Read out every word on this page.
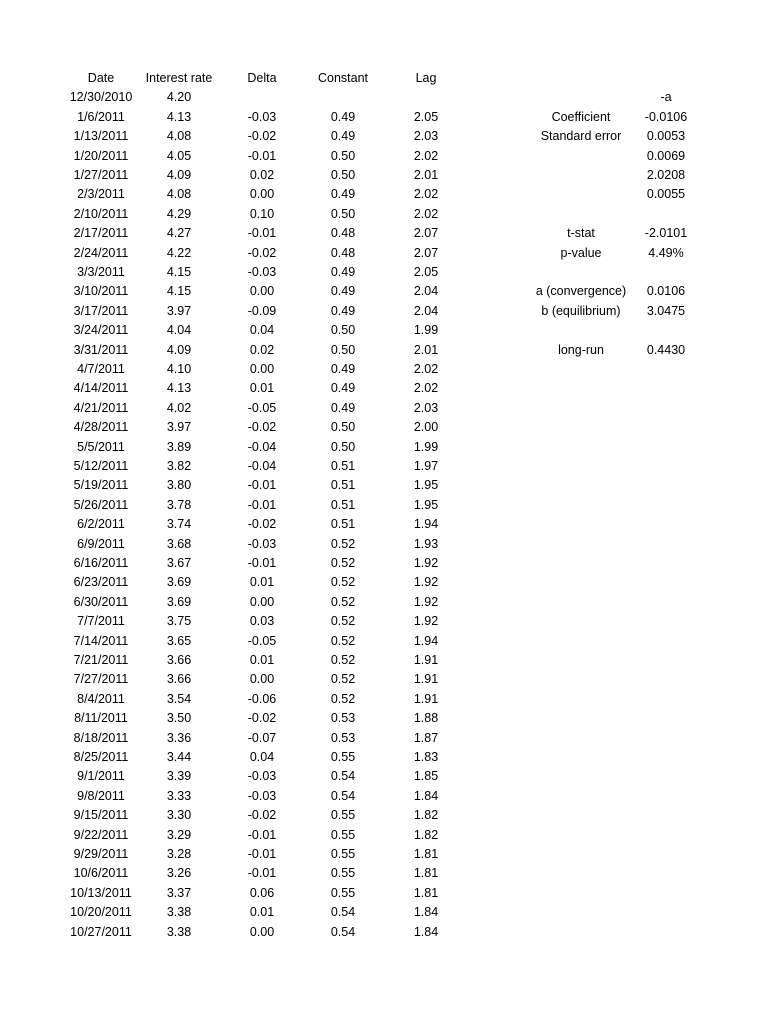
Date	Interest rate	Delta	Constant	Lag
12/30/2010	4.20
1/6/2011	4.13	-0.03	0.49	2.05
1/13/2011	4.08	-0.02	0.49	2.03
1/20/2011	4.05	-0.01	0.50	2.02
1/27/2011	4.09	0.02	0.50	2.01
2/3/2011	4.08	0.00	0.49	2.02
2/10/2011	4.29	0.10	0.50	2.02
2/17/2011	4.27	-0.01	0.48	2.07
2/24/2011	4.22	-0.02	0.48	2.07
3/3/2011	4.15	-0.03	0.49	2.05
3/10/2011	4.15	0.00	0.49	2.04
3/17/2011	3.97	-0.09	0.49	2.04
3/24/2011	4.04	0.04	0.50	1.99
3/31/2011	4.09	0.02	0.50	2.01
4/7/2011	4.10	0.00	0.49	2.02
4/14/2011	4.13	0.01	0.49	2.02
4/21/2011	4.02	-0.05	0.49	2.03
4/28/2011	3.97	-0.02	0.50	2.00
5/5/2011	3.89	-0.04	0.50	1.99
5/12/2011	3.82	-0.04	0.51	1.97
5/19/2011	3.80	-0.01	0.51	1.95
5/26/2011	3.78	-0.01	0.51	1.95
6/2/2011	3.74	-0.02	0.51	1.94
6/9/2011	3.68	-0.03	0.52	1.93
6/16/2011	3.67	-0.01	0.52	1.92
6/23/2011	3.69	0.01	0.52	1.92
6/30/2011	3.69	0.00	0.52	1.92
7/7/2011	3.75	0.03	0.52	1.92
7/14/2011	3.65	-0.05	0.52	1.94
7/21/2011	3.66	0.01	0.52	1.91
7/27/2011	3.66	0.00	0.52	1.91
8/4/2011	3.54	-0.06	0.52	1.91
8/11/2011	3.50	-0.02	0.53	1.88
8/18/2011	3.36	-0.07	0.53	1.87
8/25/2011	3.44	0.04	0.55	1.83
9/1/2011	3.39	-0.03	0.54	1.85
9/8/2011	3.33	-0.03	0.54	1.84
9/15/2011	3.30	-0.02	0.55	1.82
9/22/2011	3.29	-0.01	0.55	1.82
9/29/2011	3.28	-0.01	0.55	1.81
10/6/2011	3.26	-0.01	0.55	1.81
10/13/2011	3.37	0.06	0.55	1.81
10/20/2011	3.38	0.01	0.54	1.84
10/27/2011	3.38	0.00	0.54	1.84
-a
Coefficient	-0.0106
Standard error	0.0053
0.0069
2.0208
0.0055
t-stat	-2.0101
p-value	4.49%
a (convergence)	0.0106
b (equilibrium)	3.0475
long-run	0.4430
